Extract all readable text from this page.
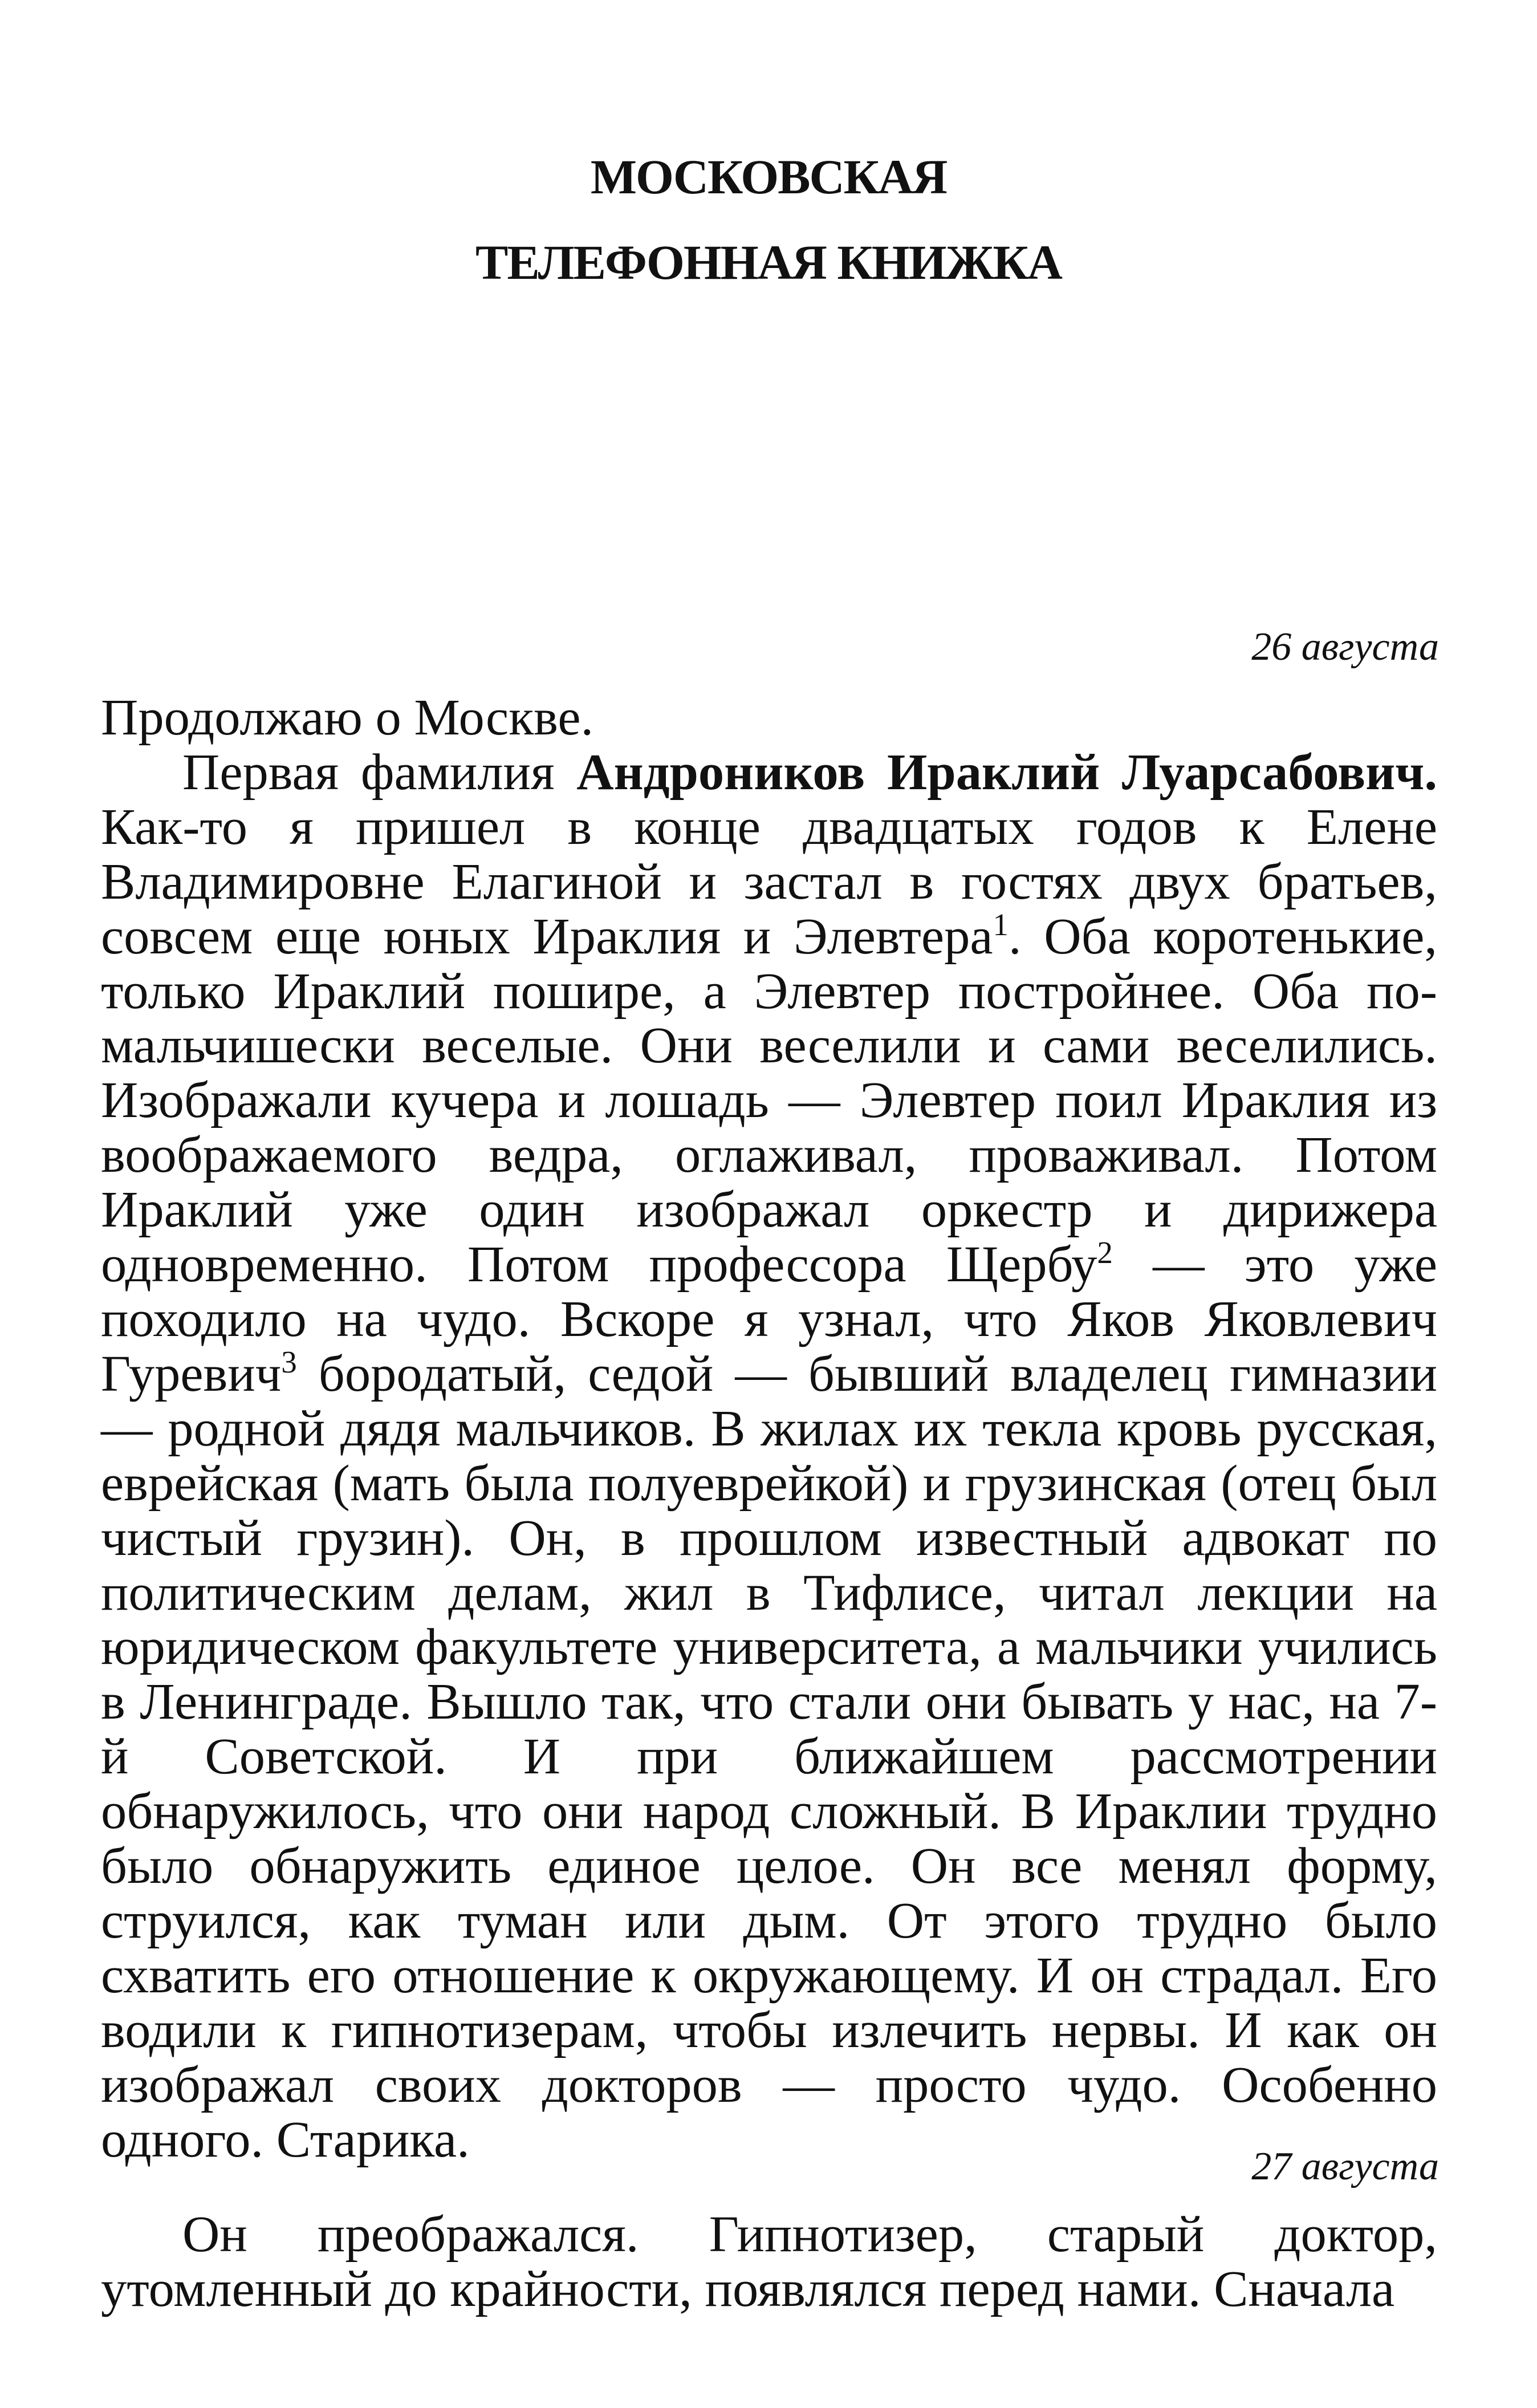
МОСКОВСКАЯ
ТЕЛЕФОННАЯ КНИЖКА
26 августа

Продолжаю о Москве.

Первая фамилия Андроников Ираклий Луарсабович. Как-то я пришел в конце двадцатых годов к Елене Владимировне Елагиной и застал в гостях двух братьев, совсем еще юных Ираклия и Элевтера$^1$. Оба коротенькие, только Ираклий пошире, а Элевтер постройнее. Оба по-мальчишески веселые. Они веселили и сами веселились. Изображали кучера и лошадь — Элевтер поил Ираклия из воображаемого ведра, оглаживал, проваживал. Потом Ираклий уже один изображал оркестр и дирижера одновременно. Потом профессора Щербу$^2$ — это уже походило на чудо. Вскоре я узнал, что Яков Яковлевич Гуревич$^3$ бородатый, седой — бывший владелец гимназии — родной дядя мальчиков. В жилах их текла кровь русская, еврейская (мать была полуеврейкой) и грузинская (отец был чистый грузин). Он, в прошлом известный адвокат по политическим делам, жил в Тифлисе, читал лекции на юридическом факультете университета, а мальчики учились в Ленинграде. Вышло так, что стали они бывать у нас, на 7-й Советской. И при ближайшем рассмотрении обнаружилось, что они народ сложный. В Ираклии трудно было обнаружить единое целое. Он все менял форму, струился, как туман или дым. От этого трудно было схватить его отношение к окружающему. И он страдал. Его водили к гипнотизерам, чтобы излечить нервы. И как он изображал своих докторов — просто чудо. Особенно одного. Старика.	27 августа

Он преображался. Гипнотизер, старый доктор, утомленный до крайности, появлялся перед нами. Сначала
